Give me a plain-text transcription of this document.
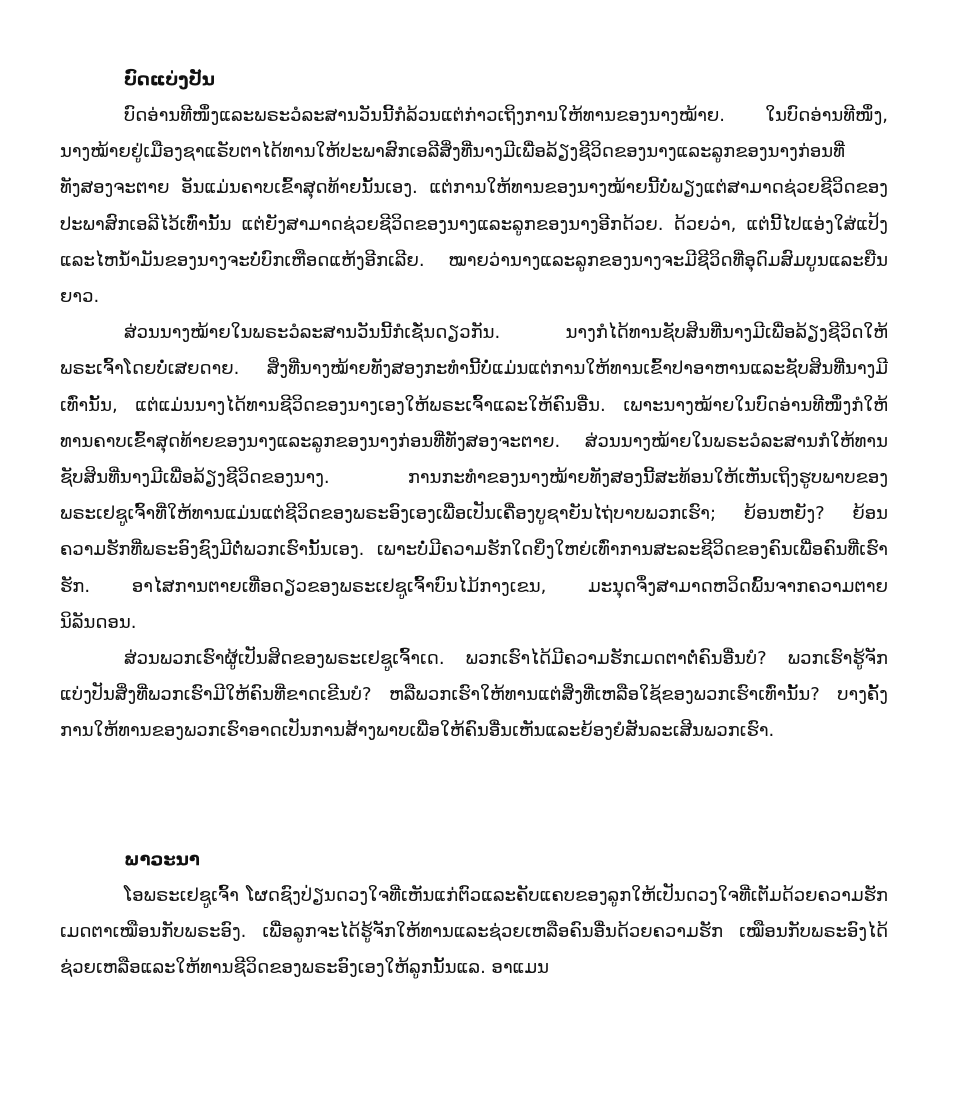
ບົດແບ່ງປັນ

ບົດອ່ານທີໜຶ່ງແລະພຣະວໍລະສານວັນນີ້ກໍລ້ວນແຕ່ກ່າວເຖິງການໃຫ້ທານຂອງນາງໝ້າຍ. ໃນບົດອ່ານທີໜຶ່ງ, ນາງໝ້າຍຢູ່ເມືອງຊາແຣັບຕາໄດ້ທານໃຫ້ປະພາສົກເອລີສິ່ງທີ່ນາງມີເພື່ອລ້ຽງຊີວິດຂອງນາງແລະລູກຂອງນາງກ່ອນທີ່ທັງສອງຈະຕາຍ ອັນແມ່ນຄາບເຂົ້າສຸດທ້າຍນັ້ນເອງ. ແຕ່ການໃຫ້ທານຂອງນາງໝ້າຍນີ້ບໍ່ພຽງແຕ່ສາມາດຊ່ວຍຊີວິດຂອງປະພາສົກເອລີໄວ້ເທົ່ານັ້ນ ແຕ່ຍັງສາມາດຊ່ວຍຊີວິດຂອງນາງແລະລູກຂອງນາງອີກດ້ວຍ. ດ້ວຍວ່າ, ແຕ່ນີ້ໄປແອ່ງໃສ່ແປ້ງແລະໄຫນ້ຳມັນຂອງນາງຈະບໍ່ບົກເຫືອດແຫ້ງອີກເລີຍ. ໝາຍວ່ານາງແລະລູກຂອງນາງຈະມີຊີວິດທີ່ອຸດົມສົມບູນແລະຍືນຍາວ.

ສ່ວນນາງໝ້າຍໃນພຣະວໍລະສານວັນນີ້ກໍເຊັ່ນດຽວກັນ. ນາງກໍໄດ້ທານຊັບສິນທີ່ນາງມີເພື່ອລ້ຽງຊີວິດໃຫ້ພຣະເຈົ້າໂດຍບໍ່ເສຍດາຍ. ສິ່ງທີ່ນາງໝ້າຍທັງສອງກະທຳນີ້ບໍ່ແມ່ນແຕ່ການໃຫ້ທານເຂົ້າປາອາຫານແລະຊັບສິນທີ່ນາງມີເທົ່ານັ້ນ, ແຕ່ແມ່ນນາງໄດ້ທານຊີວິດຂອງນາງເອງໃຫ້ພຣະເຈົ້າແລະໃຫ້ຄົນອື່ນ. ເພາະນາງໝ້າຍໃນບົດອ່ານທີໜຶ່ງກໍໃຫ້ທານຄາບເຂົ້າສຸດທ້າຍຂອງນາງແລະລູກຂອງນາງກ່ອນທີ່ທັງສອງຈະຕາຍ. ສ່ວນນາງໝ້າຍໃນພຣະວໍລະສານກໍໃຫ້ທານຊັບສິນທີ່ນາງມີເພື່ອລ້ຽງຊີວິດຂອງນາງ. ການກະທຳຂອງນາງໝ້າຍທັງສອງນີ້ສະທ້ອນໃຫ້ເຫັນເຖິງຮູບພາບຂອງພຣະເຢຊູເຈົ້າທີ່ໃຫ້ທານແມ່ນແຕ່ຊີວິດຂອງພຣະອົງເອງເພື່ອເປັນເຄື່ອງບູຊາຍັນໄຖ່ບາບພວກເຮົາ; ຍ້ອນຫຍັງ? ຍ້ອນຄວາມຮັກທີ່ພຣະອົງຊົງມີຕໍ່ພວກເຮົານັ້ນເອງ. ເພາະບໍ່ມີຄວາມຮັກໃດຍິ່ງໃຫຍ່ເທົ່າການສະລະຊີວິດຂອງຄົນເພື່ອຄົນທີ່ເຮົາຮັກ. ອາໄສການຕາຍເທື່ອດຽວຂອງພຣະເຢຊູເຈົ້າບົນໄມ້ກາງເຂນ, ມະນຸດຈຶ່ງສາມາດຫວິດພົ້ນຈາກຄວາມຕາຍນິລັນດອນ.

ສ່ວນພວກເຮົາຜູ້ເປັນສິດຂອງພຣະເຢຊູເຈົ້າເດ. ພວກເຮົາໄດ້ມີຄວາມຮັກເມດຕາຕໍ່ຄົນອື່ນບໍ? ພວກເຮົາຮູ້ຈັກແບ່ງປັນສິ່ງທີ່ພວກເຮົາມີໃຫ້ຄົນທີ່ຂາດເຂີນບໍ? ຫລືພວກເຮົາໃຫ້ທານແຕ່ສິ່ງທີ່ເຫລືອໃຊ້ຂອງພວກເຮົາເທົ່ານັ້ນ? ບາງຄັ້ງການໃຫ້ທານຂອງພວກເຮົາອາດເປັນການສ້າງພາບເພື່ອໃຫ້ຄົນອື່ນເຫັນແລະຍ້ອງຍໍສັນລະເສີນພວກເຮົາ.

ພາວະນາ

ໂອພຣະເຢຊູເຈົ້າ ໂຜດຊົງປ່ຽນດວງໃຈທີ່ເຫັນແກ່ຕົວແລະຄັບແຄບຂອງລູກໃຫ້ເປັນດວງໃຈທີ່ເຕັມດ້ວຍຄວາມຮັກເມດຕາເໝືອນກັບພຣະອົງ. ເພື່ອລູກຈະໄດ້ຮູ້ຈັກໃຫ້ທານແລະຊ່ວຍເຫລືອຄົນອື່ນດ້ວຍຄວາມຮັກ ເໝືອນກັບພຣະອົງໄດ້ຊ່ວຍເຫລືອແລະໃຫ້ທານຊີວິດຂອງພຣະອົງເອງໃຫ້ລູກນັ້ນແລ. ອາແມນ
